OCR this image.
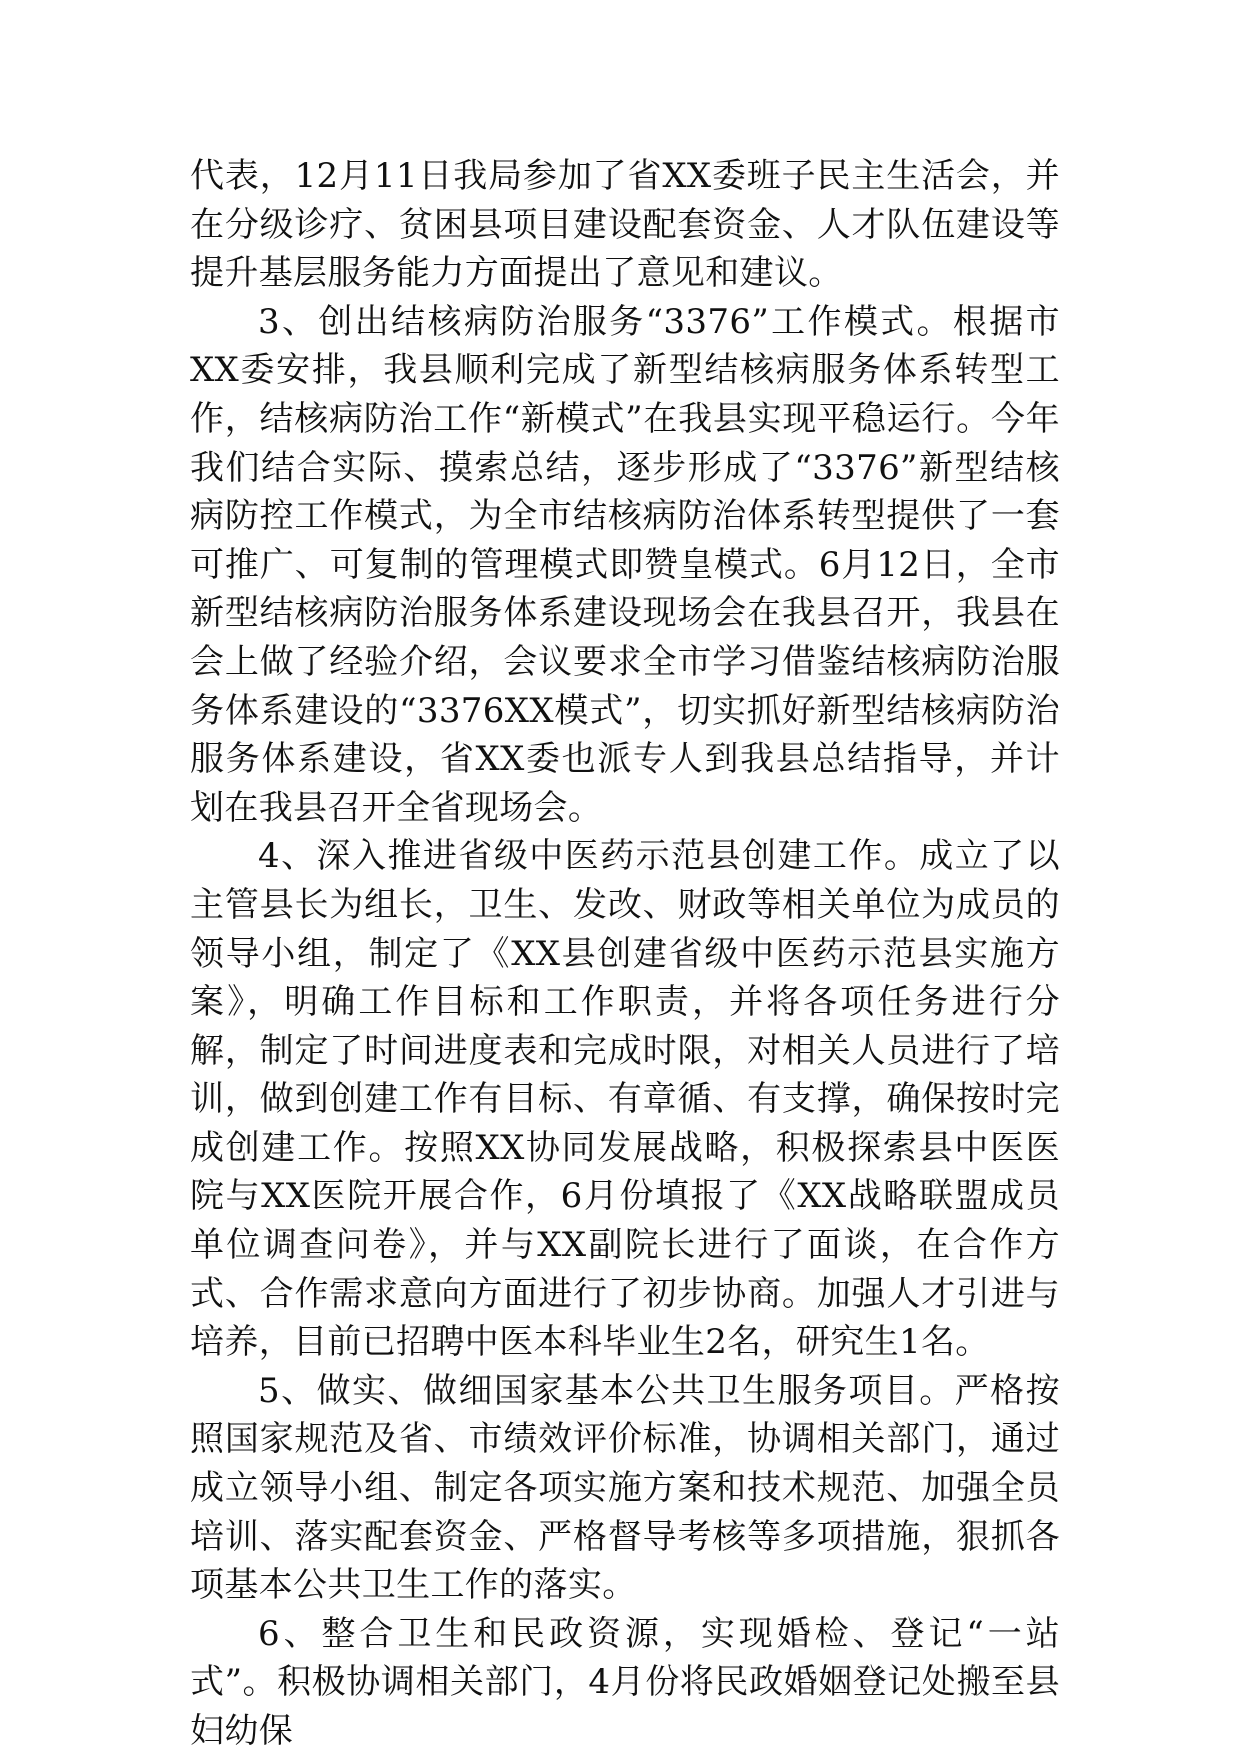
代表，12月11日我局参加了省XX委班子民主生活会，并在分级诊疗、贫困县项目建设配套资金、人才队伍建设等提升基层服务能力方面提出了意见和建议。

3、创出结核病防治服务“3376”工作模式。根据市XX委安排，我县顺利完成了新型结核病服务体系转型工作，结核病防治工作“新模式”在我县实现平稳运行。今年我们结合实际、摸索总结，逐步形成了“3376”新型结核病防控工作模式，为全市结核病防治体系转型提供了一套可推广、可复制的管理模式即赞皇模式。6月12日，全市新型结核病防治服务体系建设现场会在我县召开，我县在会上做了经验介绍，会议要求全市学习借鉴结核病防治服务体系建设的“3376XX模式”，切实抓好新型结核病防治服务体系建设，省XX委也派专人到我县总结指导，并计划在我县召开全省现场会。

4、深入推进省级中医药示范县创建工作。成立了以主管县长为组长，卫生、发改、财政等相关单位为成员的领导小组，制定了《XX县创建省级中医药示范县实施方案》，明确工作目标和工作职责，并将各项任务进行分解，制定了时间进度表和完成时限，对相关人员进行了培训，做到创建工作有目标、有章循、有支撑，确保按时完成创建工作。按照XX协同发展战略，积极探索县中医医院与XX医院开展合作，6月份填报了《XX战略联盟成员单位调查问卷》，并与XX副院长进行了面谈，在合作方式、合作需求意向方面进行了初步协商。加强人才引进与培养，目前已招聘中医本科毕业生2名，研究生1名。

5、做实、做细国家基本公共卫生服务项目。严格按照国家规范及省、市绩效评价标准，协调相关部门，通过成立领导小组、制定各项实施方案和技术规范、加强全员培训、落实配套资金、严格督导考核等多项措施，狠抓各项基本公共卫生工作的落实。

6、整合卫生和民政资源，实现婚检、登记“一站式”。积极协调相关部门，4月份将民政婚姻登记处搬至县妇幼保
